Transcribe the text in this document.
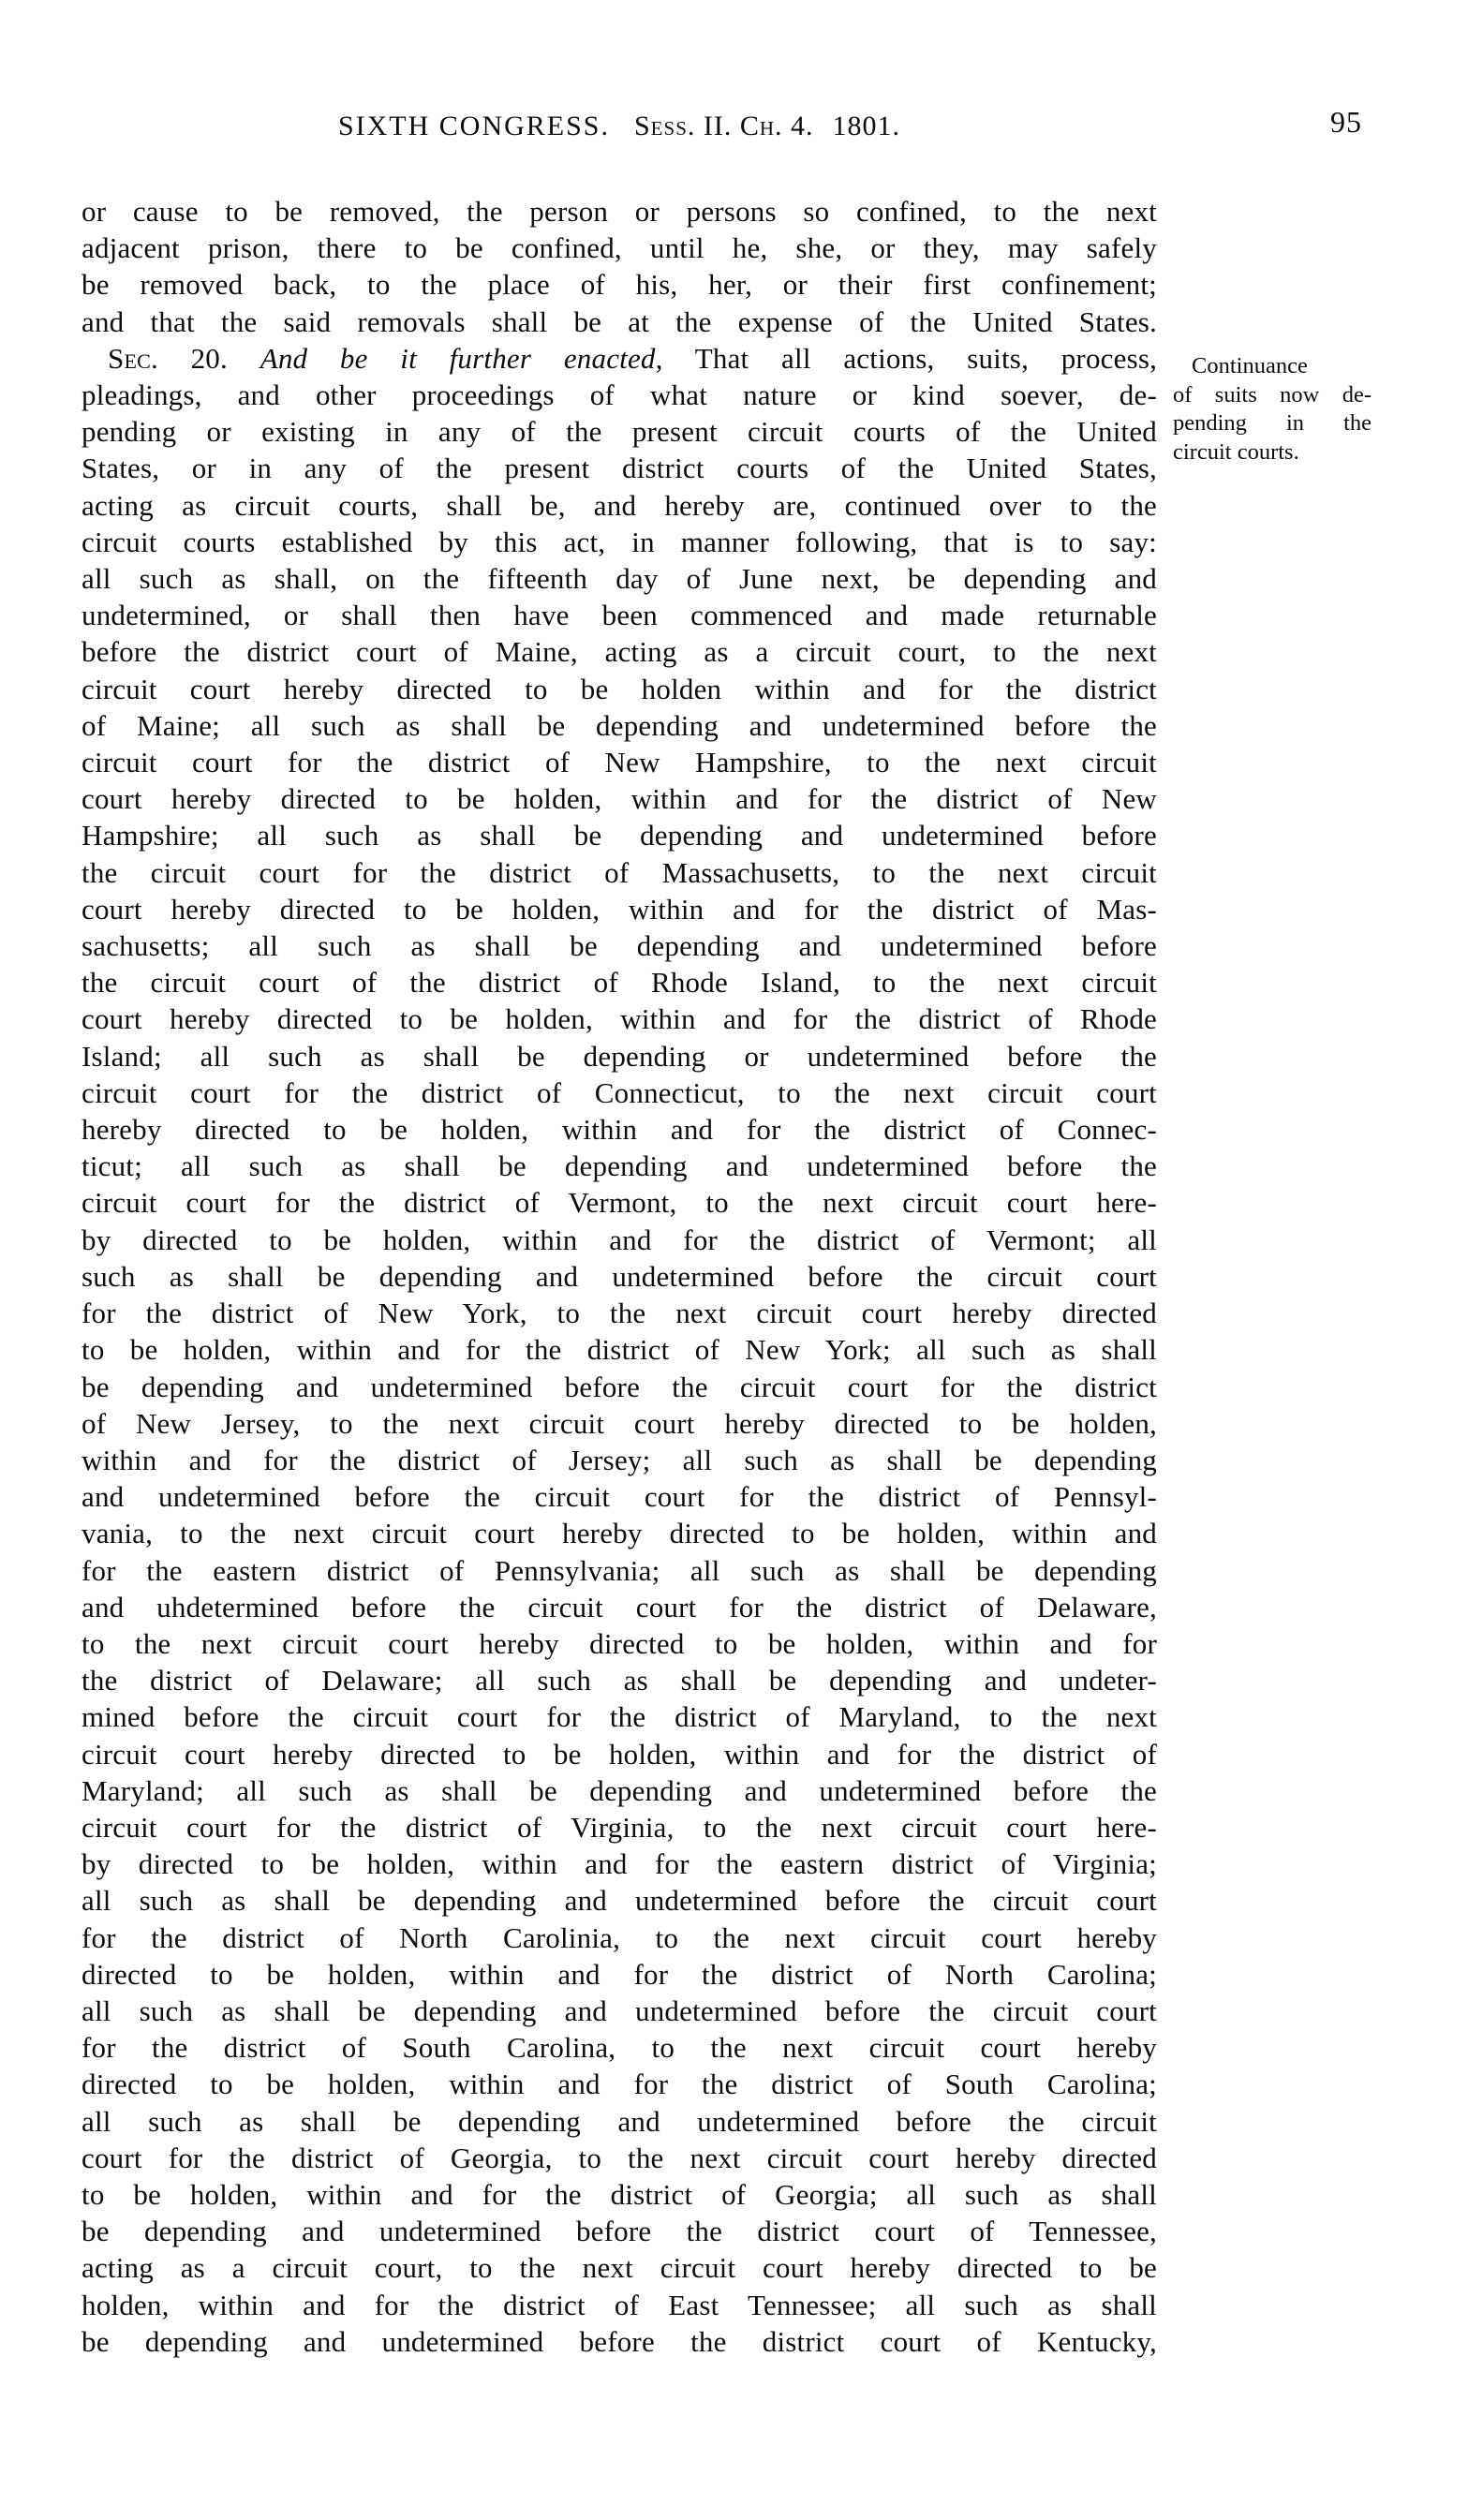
SIXTH CONGRESS. Sess. II. Ch. 4. 1801.	95
or cause to be removed, the person or persons so confined, to the next
adjacent prison, there to be confined, until he, she, or they, may safely
be removed back, to the place of his, her, or their first confinement;
and that the said removals shall be at the expense of the United States.
Sec. 20. And be it further enacted, That all actions, suits, process,
pleadings, and other proceedings of what nature or kind soever, de-
pending or existing in any of the present circuit courts of the United
States, or in any of the present district courts of the United States,
acting as circuit courts, shall be, and hereby are, continued over to the
circuit courts established by this act, in manner following, that is to say:
all such as shall, on the fifteenth day of June next, be depending and
undetermined, or shall then have been commenced and made returnable
before the district court of Maine, acting as a circuit court, to the next
circuit court hereby directed to be holden within and for the district
of Maine; all such as shall be depending and undetermined before the
circuit court for the district of New Hampshire, to the next circuit
court hereby directed to be holden, within and for the district of New
Hampshire; all such as shall be depending and undetermined before
the circuit court for the district of Massachusetts, to the next circuit
court hereby directed to be holden, within and for the district of Mas-
sachusetts; all such as shall be depending and undetermined before
the circuit court of the district of Rhode Island, to the next circuit
court hereby directed to be holden, within and for the district of Rhode
Island; all such as shall be depending or undetermined before the
circuit court for the district of Connecticut, to the next circuit court
hereby directed to be holden, within and for the district of Connec-
ticut; all such as shall be depending and undetermined before the
circuit court for the district of Vermont, to the next circuit court here-
by directed to be holden, within and for the district of Vermont; all
such as shall be depending and undetermined before the circuit court
for the district of New York, to the next circuit court hereby directed
to be holden, within and for the district of New York; all such as shall
be depending and undetermined before the circuit court for the district
of New Jersey, to the next circuit court hereby directed to be holden,
within and for the district of Jersey; all such as shall be depending
and undetermined before the circuit court for the district of Pennsyl-
vania, to the next circuit court hereby directed to be holden, within and
for the eastern district of Pennsylvania; all such as shall be depending
and uhdetermined before the circuit court for the district of Delaware,
to the next circuit court hereby directed to be holden, within and for
the district of Delaware; all such as shall be depending and undeter-
mined before the circuit court for the district of Maryland, to the next
circuit court hereby directed to be holden, within and for the district of
Maryland; all such as shall be depending and undetermined before the
circuit court for the district of Virginia, to the next circuit court here-
by directed to be holden, within and for the eastern district of Virginia;
all such as shall be depending and undetermined before the circuit court
for the district of North Carolinia, to the next circuit court hereby
directed to be holden, within and for the district of North Carolina;
all such as shall be depending and undetermined before the circuit court
for the district of South Carolina, to the next circuit court hereby
directed to be holden, within and for the district of South Carolina;
all such as shall be depending and undetermined before the circuit
court for the district of Georgia, to the next circuit court hereby directed
to be holden, within and for the district of Georgia; all such as shall
be depending and undetermined before the district court of Tennessee,
acting as a circuit court, to the next circuit court hereby directed to be
holden, within and for the district of East Tennessee; all such as shall
be depending and undetermined before the district court of Kentucky,
Continuance
of suits now de-
pending in the
circuit courts.
